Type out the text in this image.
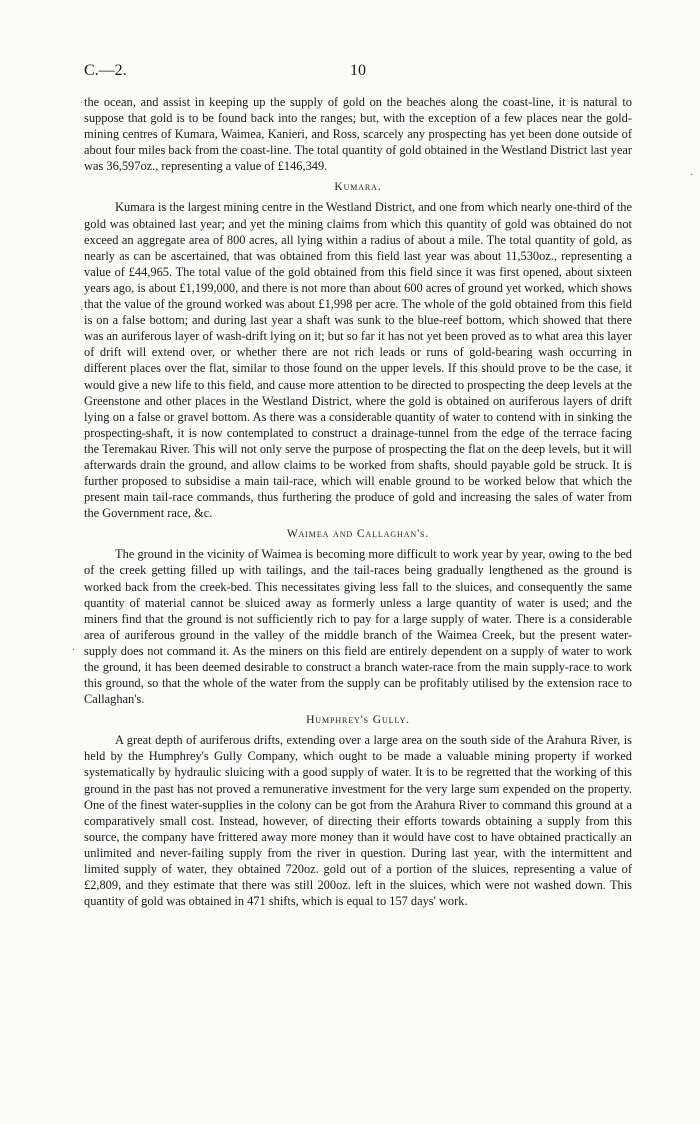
C.—2.	10

the ocean, and assist in keeping up the supply of gold on the beaches along the coast-line, it is natural to suppose that gold is to be found back into the ranges; but, with the exception of a few places near the gold-mining centres of Kumara, Waimea, Kanieri, and Ross, scarcely any prospecting has yet been done outside of about four miles back from the coast-line. The total quantity of gold obtained in the Westland District last year was 36,597oz., representing a value of £146,349.

Kumara.

Kumara is the largest mining centre in the Westland District, and one from which nearly one-third of the gold was obtained last year; and yet the mining claims from which this quantity of gold was obtained do not exceed an aggregate area of 800 acres, all lying within a radius of about a mile. The total quantity of gold, as nearly as can be ascertained, that was obtained from this field last year was about 11,530oz., representing a value of £44,965. The total value of the gold obtained from this field since it was first opened, about sixteen years ago, is about £1,199,000, and there is not more than about 600 acres of ground yet worked, which shows that the value of the ground worked was about £1,998 per acre. The whole of the gold obtained from this field is on a false bottom; and during last year a shaft was sunk to the blue-reef bottom, which showed that there was an auriferous layer of wash-drift lying on it; but so far it has not yet been proved as to what area this layer of drift will extend over, or whether there are not rich leads or runs of gold-bearing wash occurring in different places over the flat, similar to those found on the upper levels. If this should prove to be the case, it would give a new life to this field, and cause more attention to be directed to prospecting the deep levels at the Greenstone and other places in the Westland District, where the gold is obtained on auriferous layers of drift lying on a false or gravel bottom. As there was a considerable quantity of water to contend with in sinking the prospecting-shaft, it is now contemplated to construct a drainage-tunnel from the edge of the terrace facing the Teremakau River. This will not only serve the purpose of prospecting the flat on the deep levels, but it will afterwards drain the ground, and allow claims to be worked from shafts, should payable gold be struck. It is further proposed to subsidise a main tail-race, which will enable ground to be worked below that which the present main tail-race commands, thus furthering the produce of gold and increasing the sales of water from the Government race, &c.

Waimea and Callaghan's.

The ground in the vicinity of Waimea is becoming more difficult to work year by year, owing to the bed of the creek getting filled up with tailings, and the tail-races being gradually lengthened as the ground is worked back from the creek-bed. This necessitates giving less fall to the sluices, and consequently the same quantity of material cannot be sluiced away as formerly unless a large quantity of water is used; and the miners find that the ground is not sufficiently rich to pay for a large supply of water. There is a considerable area of auriferous ground in the valley of the middle branch of the Waimea Creek, but the present water-supply does not command it. As the miners on this field are entirely dependent on a supply of water to work the ground, it has been deemed desirable to construct a branch water-race from the main supply-race to work this ground, so that the whole of the water from the supply can be profitably utilised by the extension race to Callaghan's.

Humphrey's Gully.

A great depth of auriferous drifts, extending over a large area on the south side of the Arahura River, is held by the Humphrey's Gully Company, which ought to be made a valuable mining property if worked systematically by hydraulic sluicing with a good supply of water. It is to be regretted that the working of this ground in the past has not proved a remunerative investment for the very large sum expended on the property. One of the finest water-supplies in the colony can be got from the Arahura River to command this ground at a comparatively small cost. Instead, however, of directing their efforts towards obtaining a supply from this source, the company have frittered away more money than it would have cost to have obtained practically an unlimited and never-failing supply from the river in question. During last year, with the intermittent and limited supply of water, they obtained 720oz. gold out of a portion of the sluices, representing a value of £2,809, and they estimate that there was still 200oz. left in the sluices, which were not washed down. This quantity of gold was obtained in 471 shifts, which is equal to 157 days' work.

·
·
·
·
